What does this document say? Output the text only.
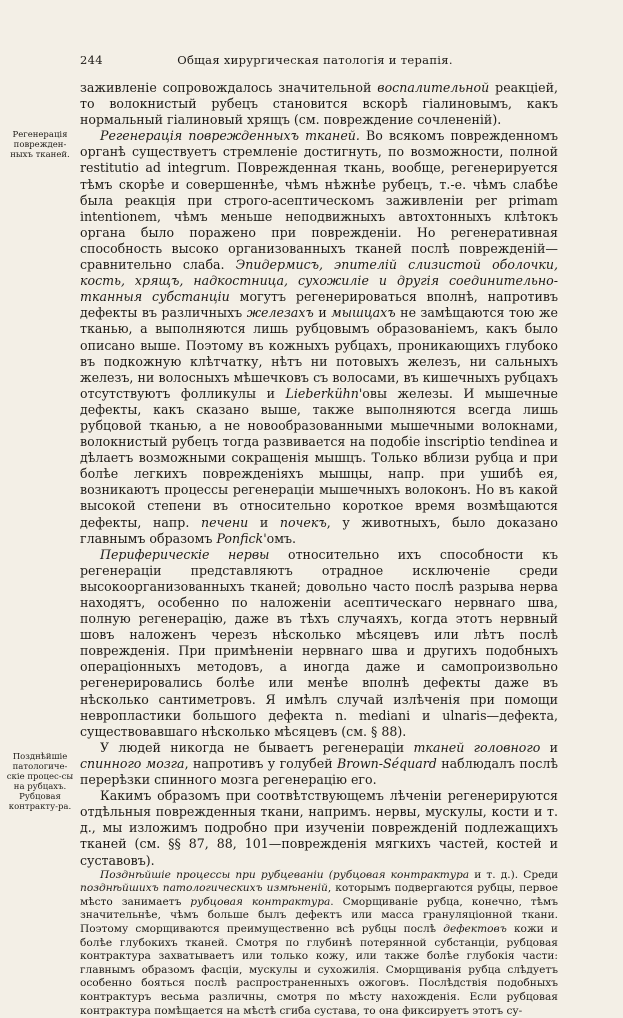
244	Общая хирургическая патологія и терапія.
Регенерація поврежден-ныхъ тканей.
Позднѣйшіе патологиче-скіе процес-сы на рубцахъ. Рубцовая контракту-ра.

заживленіе сопровождалось значительной воспалительной реакціей, то волокнистый рубецъ становится вскорѣ гіалиновымъ, какъ нормальный гіалиновый хрящъ (см. повреждение сочлененій).

Регенерація поврежденныхъ тканей. Во всякомъ поврежденномъ органѣ существуетъ стремленіе достигнуть, по возможности, полной restitutio ad integrum. Поврежденная ткань, вообще, регенерируется тѣмъ скорѣе и совершеннѣе, чѣмъ нѣжнѣе рубецъ, т.-е. чѣмъ слабѣе была реакція при строго-асептическомъ заживленіи per primam intentionem, чѣмъ меньше неподвижныхъ автохтонныхъ клѣтокъ органа было поражено при поврежденіи. Но регенеративная способность высоко организованныхъ тканей послѣ поврежденій—сравнительно слаба. Эпидермисъ, эпителій слизистой оболочки, кость, хрящъ, надкостница, сухожиліе и другія соединительно-тканныя субстанціи могутъ регенерироваться вполнѣ, напротивъ дефекты въ различныхъ железахъ и мышцахъ не замѣщаются тою же тканью, а выполняются лишь рубцовымъ образованіемъ, какъ было описано выше. Поэтому въ кожныхъ рубцахъ, проникающихъ глубоко въ подкожную клѣтчатку, нѣтъ ни потовыхъ железъ, ни сальныхъ железъ, ни волосныхъ мѣшечковъ съ волосами, въ кишечныхъ рубцахъ отсутствуютъ фолликулы и Lieberkühn'овы железы. И мышечные дефекты, какъ сказано выше, также выполняются всегда лишь рубцовой тканью, а не новообразованными мышечными волокнами, волокнистый рубецъ тогда развивается на подобіе inscriptio tendinea и дѣлаетъ возможными сокращенія мышцъ. Только вблизи рубца и при болѣе легкихъ поврежденіяхъ мышцы, напр. при ушибѣ ея, возникаютъ процессы регенераціи мышечныхъ волоконъ. Но въ какой высокой степени въ относительно короткое время возмѣщаются дефекты, напр. печени и почекъ, у животныхъ, было доказано главнымъ образомъ Ponfick'омъ.

Периферическіе нервы относительно ихъ способности къ регенераціи представляютъ отрадное исключеніе среди высокоорганизованныхъ тканей; довольно часто послѣ разрыва нерва находятъ, особенно по наложеніи асептическаго нервнаго шва, полную регенерацію, даже въ тѣхъ случаяхъ, когда этотъ нервный шовъ наложенъ черезъ нѣсколько мѣсяцевъ или лѣтъ послѣ поврежденія. При примѣненіи нервнаго шва и другихъ подобныхъ операціонныхъ методовъ, а иногда даже и самопроизвольно регенерировались болѣе или менѣе вполнѣ дефекты даже въ нѣсколько сантиметровъ. Я имѣлъ случай излѣченія при помощи невропластики большого дефекта n. mediani и ulnaris—дефекта, существовавшаго нѣсколько мѣсяцевъ (см. § 88).

У людей никогда не бываетъ регенераціи тканей головного и спинного мозга, напротивъ у голубей Brown-Séquard наблюдалъ послѣ перерѣзки спинного мозга регенерацію его.

Какимъ образомъ при соотвѣтствующемъ лѣченіи регенерируются отдѣльныя поврежденныя ткани, напримъ. нервы, мускулы, кости и т. д., мы изложимъ подробно при изученіи поврежденій подлежащихъ тканей (см. §§ 87, 88, 101—поврежденія мягкихъ частей, костей и суставовъ).

Позднѣйшіе процессы при рубцеваніи (рубцовая контрактура и т. д.). Среди позднѣйшихъ патологическихъ измѣненій, которымъ подвергаются рубцы, первое мѣсто занимаетъ рубцовая контрактура. Сморщиваніе рубца, конечно, тѣмъ значительнѣе, чѣмъ больше былъ дефектъ или масса грануляціонной ткани. Поэтому сморщиваются преимущественно всѣ рубцы послѣ дефектовъ кожи и болѣе глубокихъ тканей. Смотря по глубинѣ потерянной субстанціи, рубцовая контрактура захватываетъ или только кожу, или также болѣе глубокія части: главнымъ образомъ фасціи, мускулы и сухожилія. Сморщиванія рубца слѣдуетъ особенно бояться послѣ распространенныхъ ожоговъ. Послѣдствія подобныхъ контрактуръ весьма различны, смотря по мѣсту нахожденія. Если рубцовая контрактура помѣщается на мѣстѣ сгиба сустава, то она фиксируетъ этотъ су-
